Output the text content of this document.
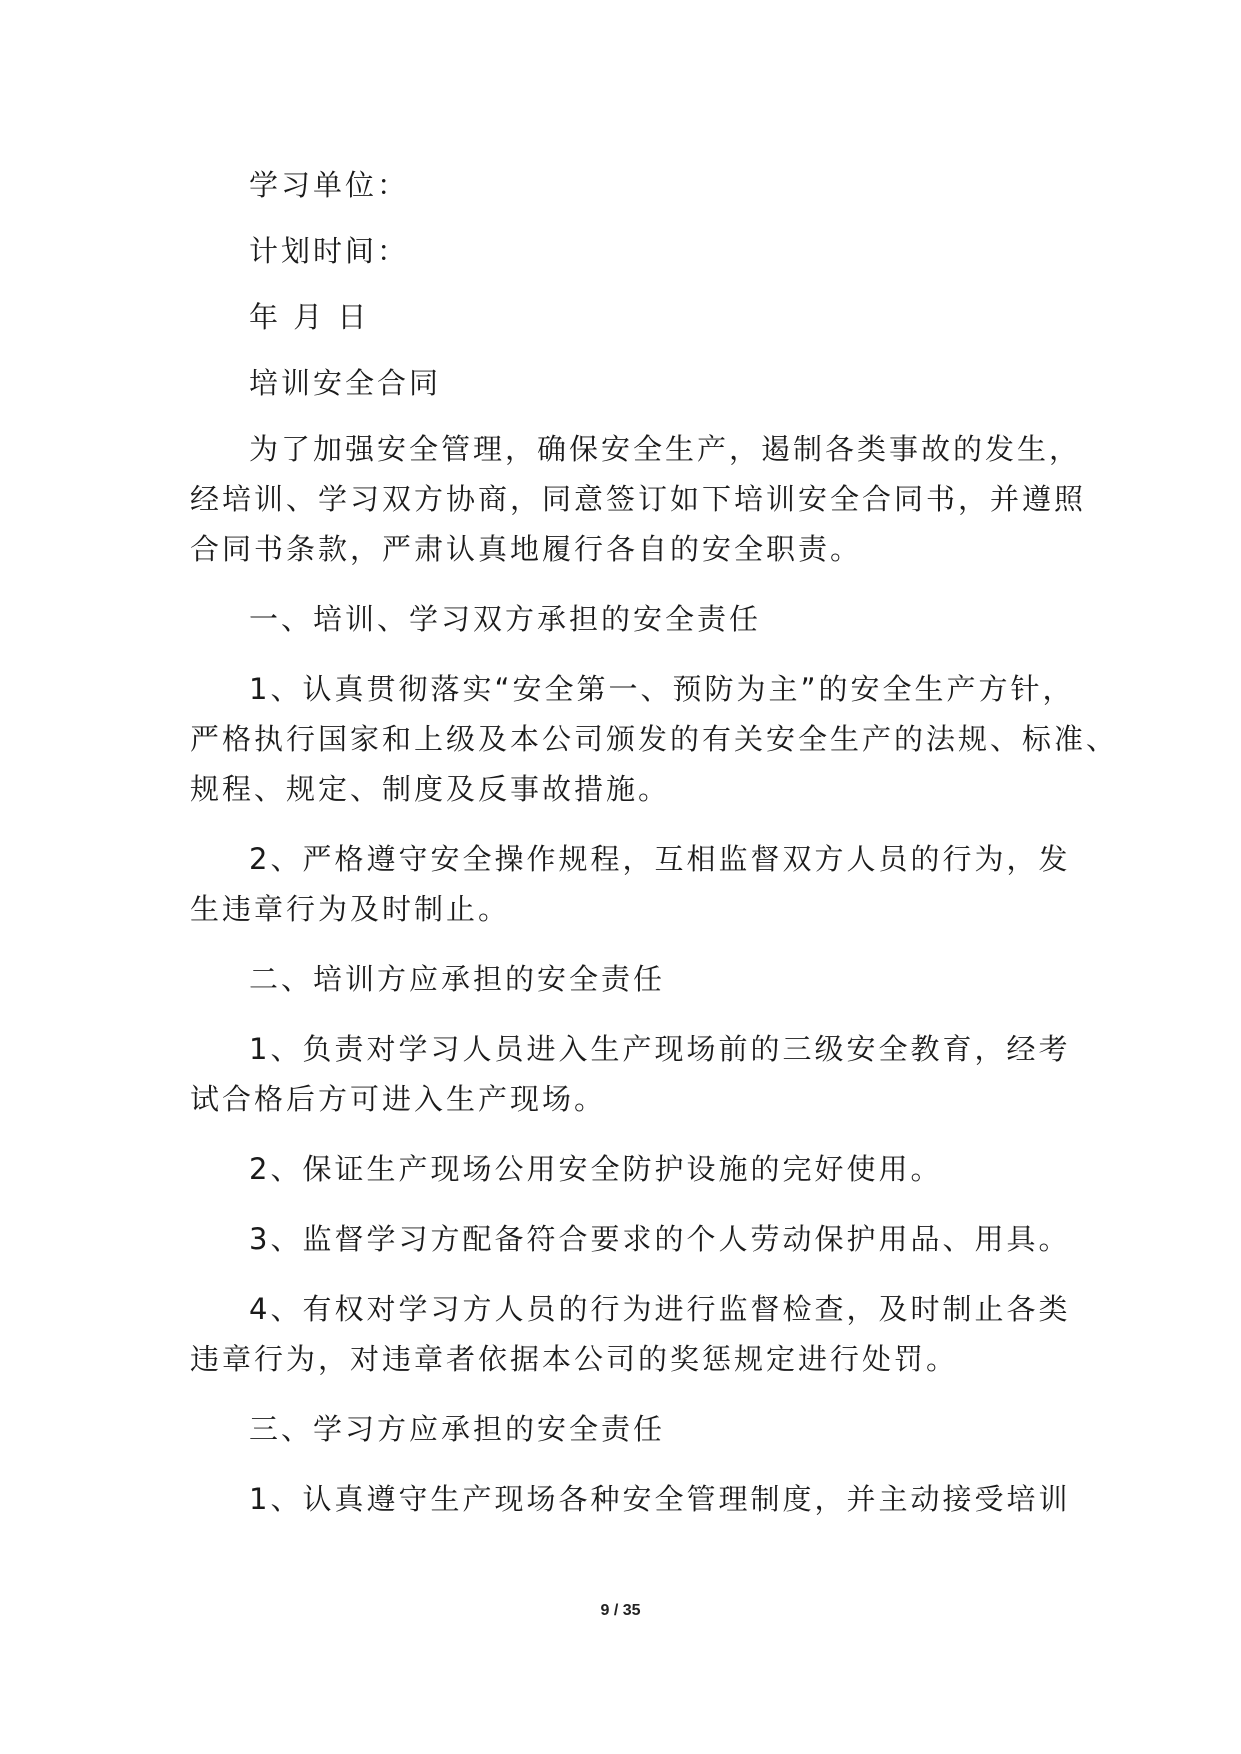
学习单位：
计划时间：
年 月 日
培训安全合同
为了加强安全管理，确保安全生产，遏制各类事故的发生，
经培训、学习双方协商，同意签订如下培训安全合同书，并遵照
合同书条款，严肃认真地履行各自的安全职责。
一、培训、学习双方承担的安全责任
1、认真贯彻落实“安全第一、预防为主”的安全生产方针，
严格执行国家和上级及本公司颁发的有关安全生产的法规、标准、
规程、规定、制度及反事故措施。
2、严格遵守安全操作规程，互相监督双方人员的行为，发
生违章行为及时制止。
二、培训方应承担的安全责任
1、负责对学习人员进入生产现场前的三级安全教育，经考
试合格后方可进入生产现场。
2、保证生产现场公用安全防护设施的完好使用。
3、监督学习方配备符合要求的个人劳动保护用品、用具。
4、有权对学习方人员的行为进行监督检查，及时制止各类
违章行为，对违章者依据本公司的奖惩规定进行处罚。
三、学习方应承担的安全责任
1、认真遵守生产现场各种安全管理制度，并主动接受培训
9 / 35
